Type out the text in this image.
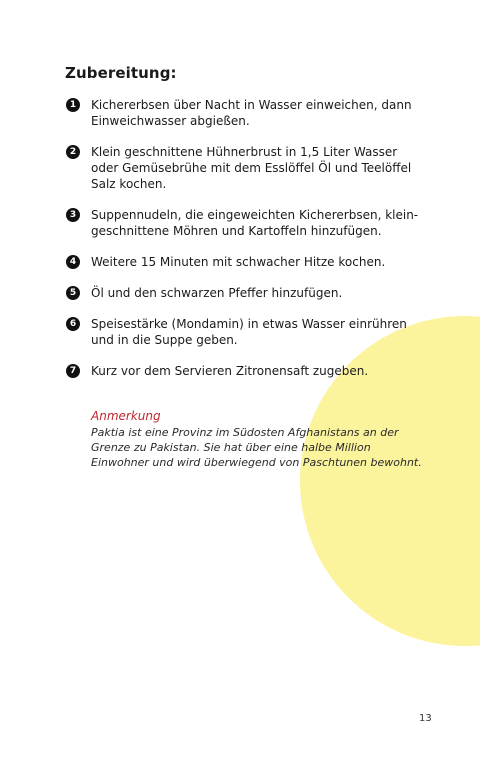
Zubereitung:
1	Kichererbsen über Nacht in Wasser einweichen, dann Einweichwasser abgießen.
2	Klein geschnittene Hühnerbrust in 1,5 Liter Wasser oder Gemüsebrühe mit dem Esslöffel Öl und Teelöffel Salz kochen.
3	Suppennudeln, die eingeweichten Kichererbsen, klein-geschnittene Möhren und Kartoffeln hinzufügen.
4	Weitere 15 Minuten mit schwacher Hitze kochen.
5	Öl und den schwarzen Pfeffer hinzufügen.
6	Speisestärke (Mondamin) in etwas Wasser einrühren und in die Suppe geben.
7	Kurz vor dem Servieren Zitronensaft zugeben.
Anmerkung
Paktia ist eine Provinz im Südosten Afghanistans an der Grenze zu Pakistan. Sie hat über eine halbe Million Einwohner und wird überwiegend von Paschtunen bewohnt.
13
